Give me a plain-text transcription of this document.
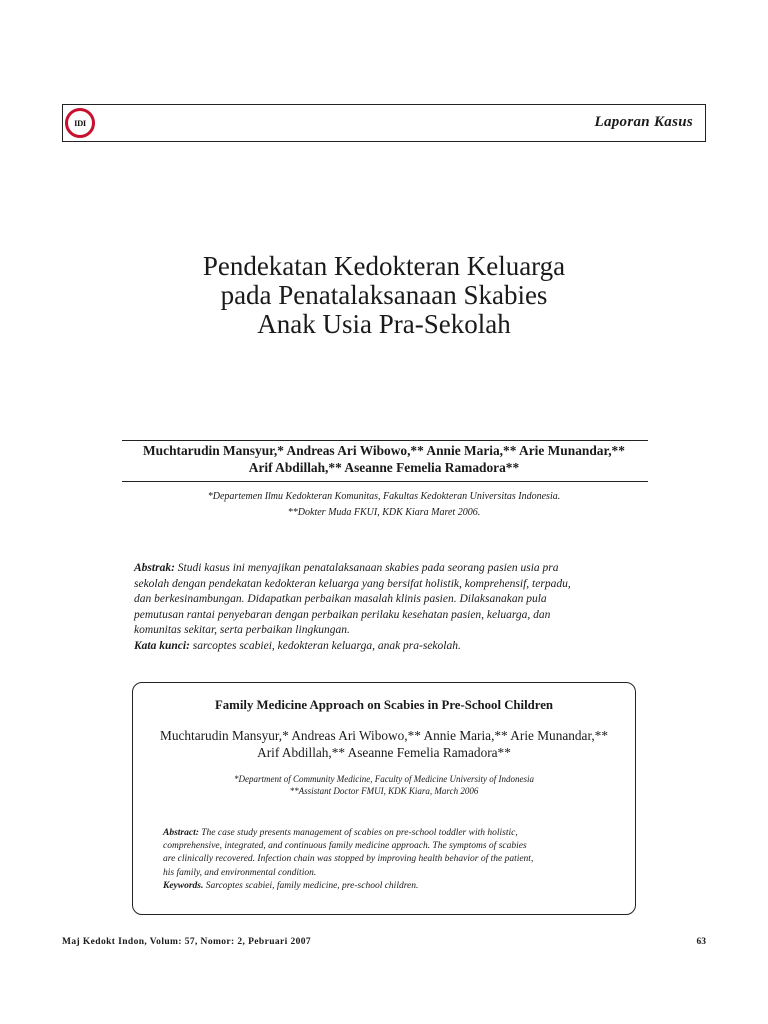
IDI	Laporan Kasus
Pendekatan Kedokteran Keluarga
pada Penatalaksanaan Skabies
Anak Usia Pra-Sekolah
Muchtarudin Mansyur,* Andreas Ari Wibowo,** Annie Maria,** Arie Munandar,**
Arif Abdillah,** Aseanne Femelia Ramadora**
*Departemen Ilmu Kedokteran Komunitas, Fakultas Kedokteran Universitas Indonesia.
**Dokter Muda FKUI, KDK Kiara Maret 2006.
Abstrak: Studi kasus ini menyajikan penatalaksanaan skabies pada seorang pasien usia pra
sekolah dengan pendekatan kedokteran keluarga yang bersifat holistik, komprehensif, terpadu,
dan berkesinambungan. Didapatkan perbaikan masalah klinis pasien. Dilaksanakan pula
pemutusan rantai penyebaran dengan perbaikan perilaku kesehatan pasien, keluarga, dan
komunitas sekitar, serta perbaikan lingkungan.
Kata kunci: sarcoptes scabiei, kedokteran keluarga, anak pra-sekolah.
Family Medicine Approach on Scabies in Pre-School Children
Muchtarudin Mansyur,* Andreas Ari Wibowo,** Annie Maria,** Arie Munandar,**
Arif Abdillah,** Aseanne Femelia Ramadora**
*Department of Community Medicine, Faculty of Medicine University of Indonesia
**Assistant Doctor FMUI, KDK Kiara, March 2006
Abstract: The case study presents management of scabies on pre-school toddler with holistic,
comprehensive, integrated, and continuous family medicine approach. The symptoms of scabies
are clinically recovered. Infection chain was stopped by improving health behavior of the patient,
his family, and environmental condition.
Keywords. Sarcoptes scabiei, family medicine, pre-school children.
Maj Kedokt Indon, Volum: 57, Nomor: 2, Pebruari 2007	63
